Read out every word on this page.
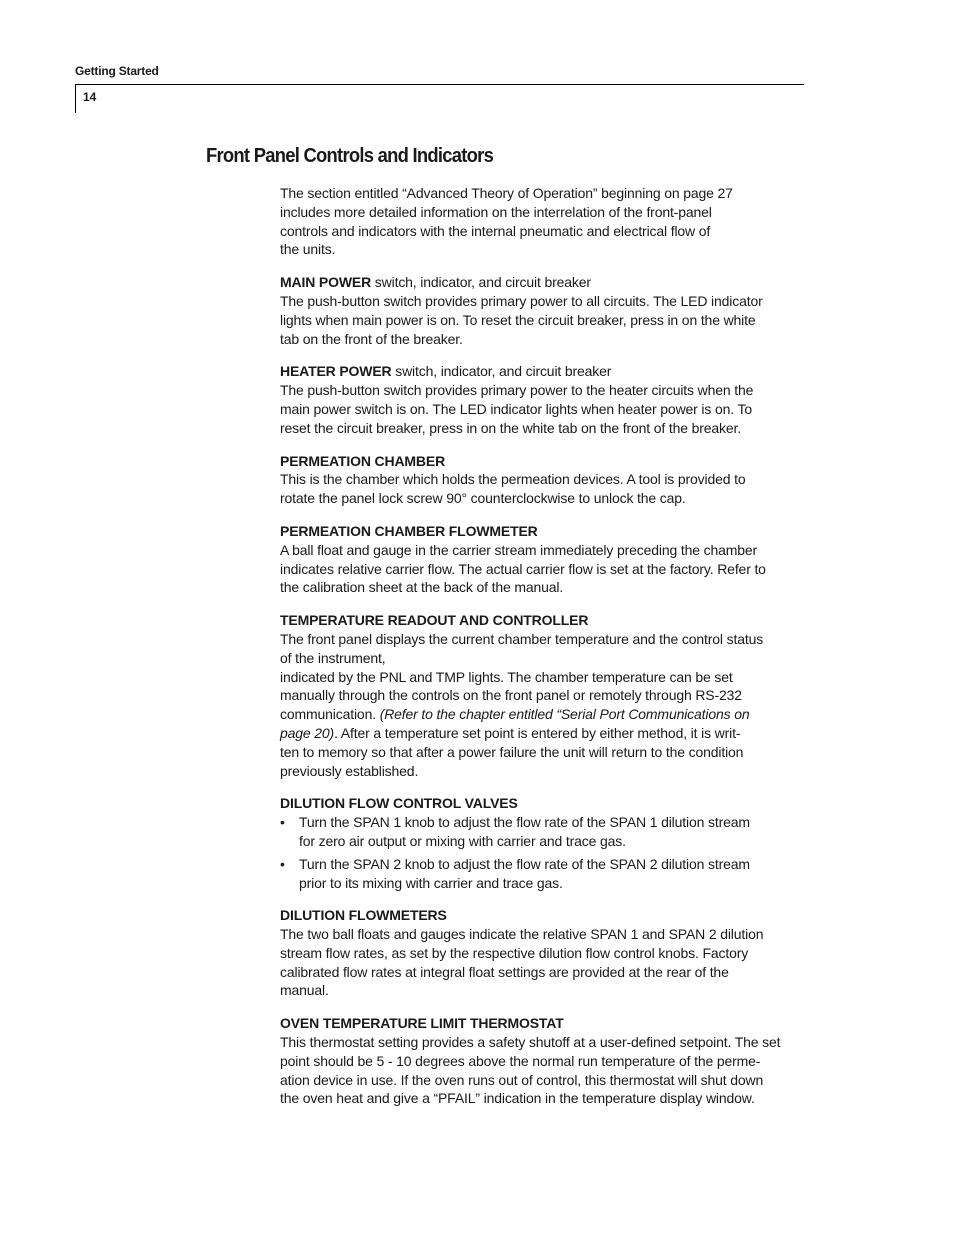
Getting Started
14
Front Panel Controls and Indicators

The section entitled “Advanced Theory of Operation” beginning on page 27

includes more detailed information on the interrelation of the front-panel

controls and indicators with the internal pneumatic and electrical flow of

the units.

MAIN POWER switch, indicator, and circuit breaker

The push-button switch provides primary power to all circuits. The LED indicator

lights when main power is on. To reset the circuit breaker, press in on the white

tab on the front of the breaker.

HEATER POWER switch, indicator, and circuit breaker

The push-button switch provides primary power to the heater circuits when the

main power switch is on. The LED indicator lights when heater power is on. To

reset the circuit breaker, press in on the white tab on the front of the breaker.

PERMEATION CHAMBER

This is the chamber which holds the permeation devices. A tool is provided to

rotate the panel lock screw 90° counterclockwise to unlock the cap.

PERMEATION CHAMBER FLOWMETER

A ball float and gauge in the carrier stream immediately preceding the chamber

indicates relative carrier flow. The actual carrier flow is set at the factory. Refer to

the calibration sheet at the back of the manual.

TEMPERATURE READOUT AND CONTROLLER

The front panel displays the current chamber temperature and the control status

of the instrument,

indicated by the PNL and TMP lights. The chamber temperature can be set

manually through the controls on the front panel or remotely through RS-232

communication. (Refer to the chapter entitled “Serial Port Communications on

page 20). After a temperature set point is entered by either method, it is writ-

ten to memory so that after a power failure the unit will return to the condition

previously established.

DILUTION FLOW CONTROL VALVES

• Turn the SPAN 1 knob to adjust the flow rate of the SPAN 1 dilution stream

for zero air output or mixing with carrier and trace gas.

• Turn the SPAN 2 knob to adjust the flow rate of the SPAN 2 dilution stream

prior to its mixing with carrier and trace gas.

DILUTION FLOWMETERS

The two ball floats and gauges indicate the relative SPAN 1 and SPAN 2 dilution

stream flow rates, as set by the respective dilution flow control knobs. Factory

calibrated flow rates at integral float settings are provided at the rear of the

manual.

OVEN TEMPERATURE LIMIT THERMOSTAT

This thermostat setting provides a safety shutoff at a user-defined setpoint. The set

point should be 5 - 10 degrees above the normal run temperature of the perme-

ation device in use. If the oven runs out of control, this thermostat will shut down

the oven heat and give a “PFAIL” indication in the temperature display window.
